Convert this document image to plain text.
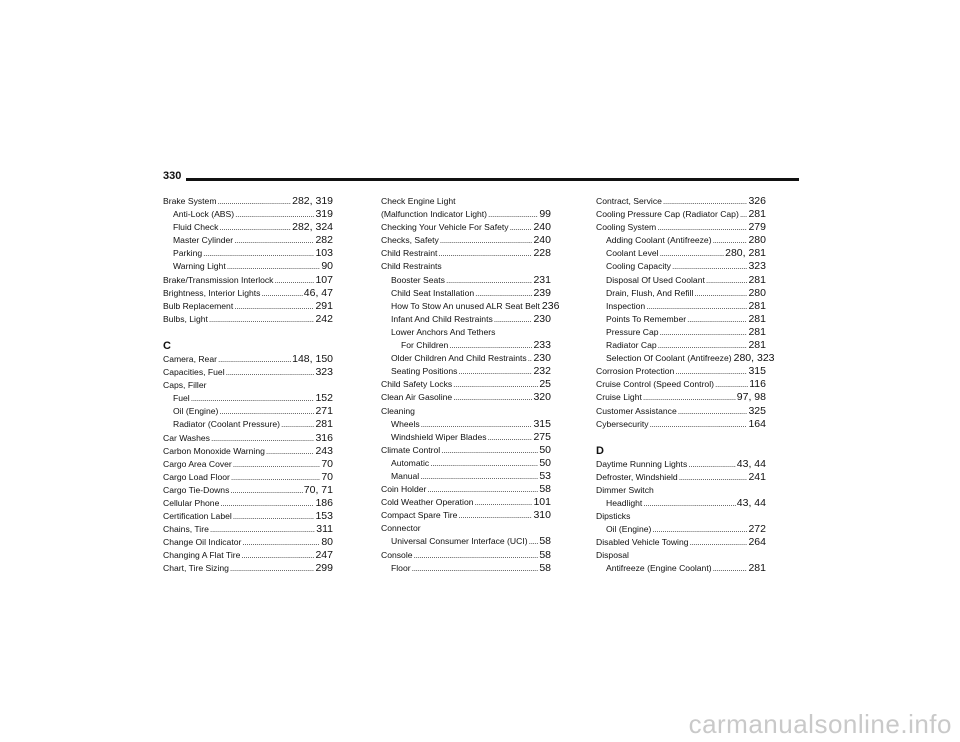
330
Brake System . . .	282, 319
Anti-Lock (ABS) . . .	319
Fluid Check . . .	282, 324
Master Cylinder . . .	282
Parking . . .	103
Warning Light . . .	90
Brake/Transmission Interlock . . .	107
Brightness, Interior Lights . . .	46, 47
Bulb Replacement . . .	291
Bulbs, Light . . .	242
C
Camera, Rear . . .	148, 150
Capacities, Fuel . . .	323
Caps, Filler
Fuel . . .	152
Oil (Engine) . . .	271
Radiator (Coolant Pressure) . . .	281
Car Washes . . .	316
Carbon Monoxide Warning . . .	243
Cargo Area Cover . . .	70
Cargo Load Floor . . .	70
Cargo Tie-Downs . . .	70, 71
Cellular Phone . . .	186
Certification Label . . .	153
Chains, Tire . . .	311
Change Oil Indicator . . .	80
Changing A Flat Tire . . .	247
Chart, Tire Sizing . . .	299
Check Engine Light
(Malfunction Indicator Light) . . .	99
Checking Your Vehicle For Safety . . . 240
Checks, Safety . . .	240
Child Restraint . . .	228
Child Restraints
Booster Seats . . .	231
Child Seat Installation . . .	239
How To Stow An unused ALR Seat Belt 236
Infant And Child Restraints . . .	230
Lower Anchors And Tethers
For Children . . .	233
Older Children And Child Restraints . . . 230
Seating Positions . . .	232
Child Safety Locks . . .	25
Clean Air Gasoline . . .	320
Cleaning
Wheels . . .	315
Windshield Wiper Blades . . .	275
Climate Control . . .	50
Automatic . . .	50
Manual . . .	53
Coin Holder . . .	58
Cold Weather Operation . . .	101
Compact Spare Tire . . .	310
Connector
Universal Consumer Interface (UCI) . . . 58
Console . . .	58
Floor . . .	58
Contract, Service . . .	326
Cooling Pressure Cap (Radiator Cap) . . . 281
Cooling System . . .	279
Adding Coolant (Antifreeze) . . .	280
Coolant Level . . .	280, 281
Cooling Capacity . . .	323
Disposal Of Used Coolant . . .	281
Drain, Flush, And Refill . . .	280
Inspection . . .	281
Points To Remember . . .	281
Pressure Cap . . .	281
Radiator Cap . . .	281
Selection Of Coolant (Antifreeze) 280, 323
Corrosion Protection . . .	315
Cruise Control (Speed Control) . . .	116
Cruise Light . . .	97, 98
Customer Assistance . . .	325
Cybersecurity . . .	164
D
Daytime Running Lights . . .	43, 44
Defroster, Windshield . . .	241
Dimmer Switch
Headlight . . .	43, 44
Dipsticks
Oil (Engine) . . .	272
Disabled Vehicle Towing . . .	264
Disposal
Antifreeze (Engine Coolant) . . .	281
carmanualsonline.info
